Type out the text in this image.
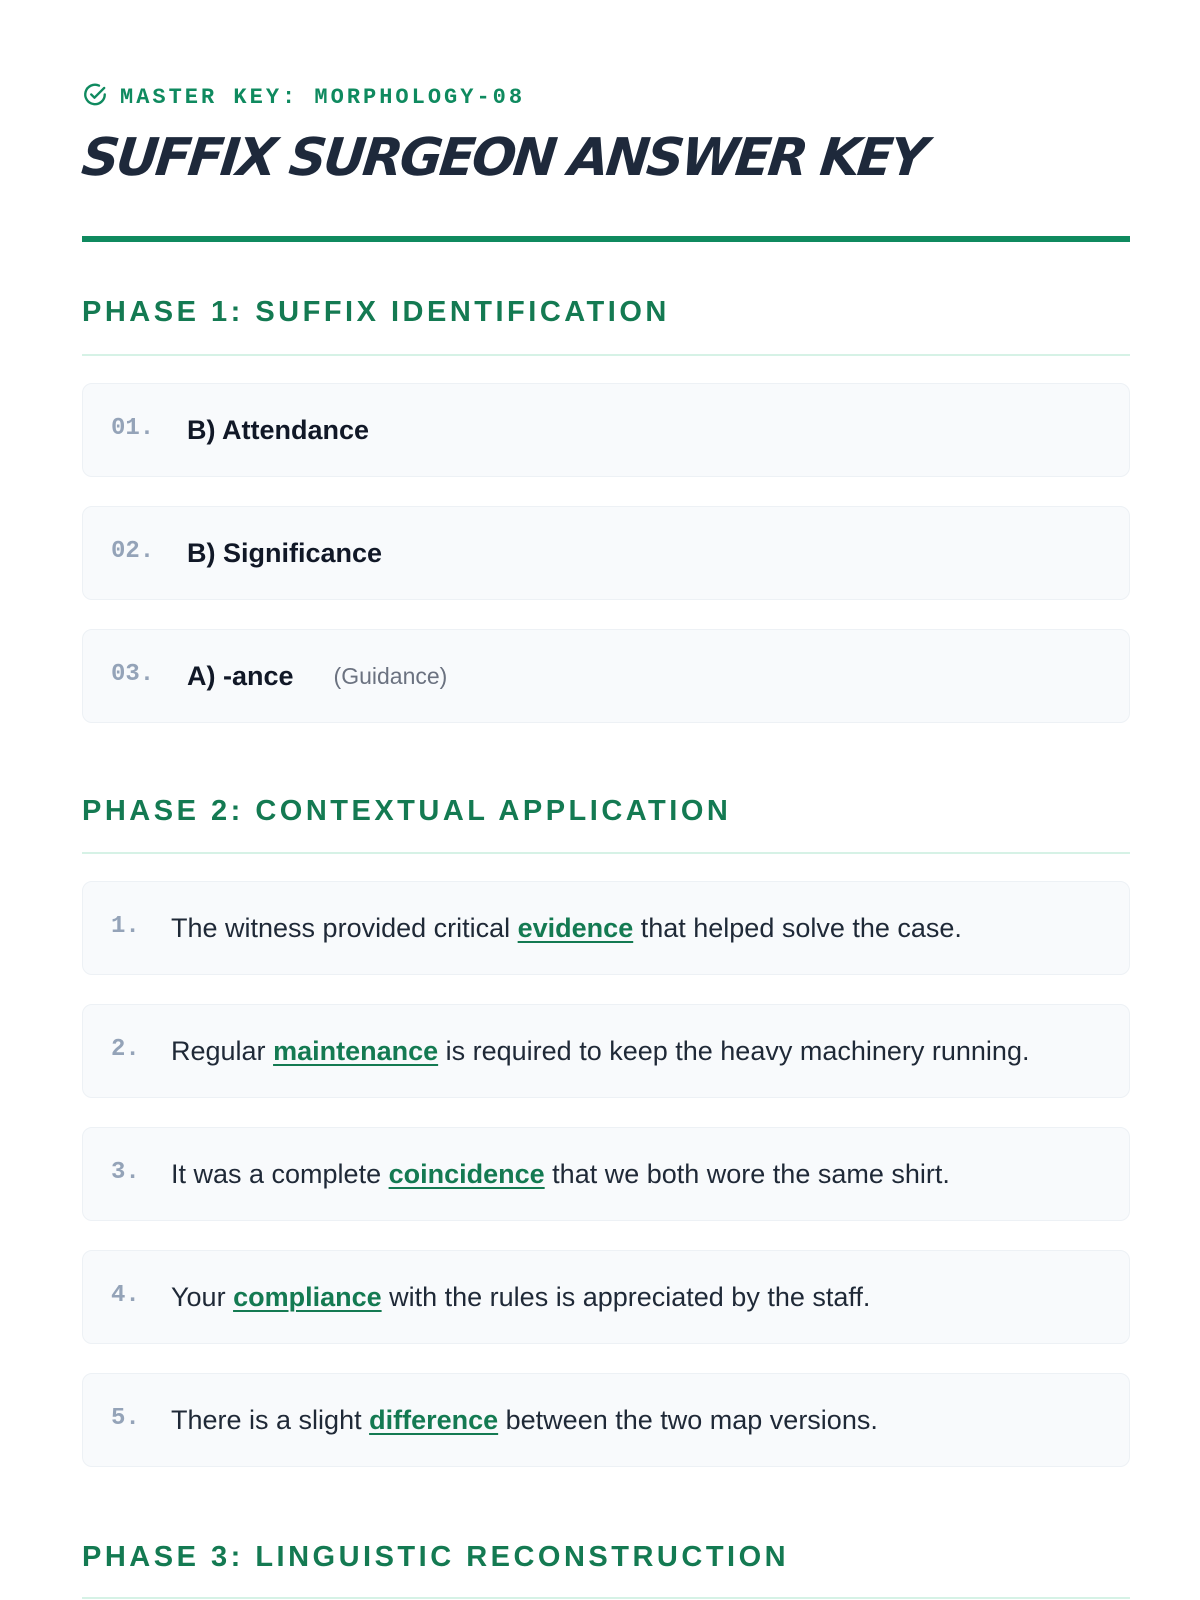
MASTER KEY: MORPHOLOGY-08
SUFFIX SURGEON ANSWER KEY
PHASE 1: SUFFIX IDENTIFICATION
01.	B) Attendance
02.	B) Significance
03.	A) -ance (Guidance)
PHASE 2: CONTEXTUAL APPLICATION
1.	The witness provided critical evidence that helped solve the case.
2.	Regular maintenance is required to keep the heavy machinery running.
3.	It was a complete coincidence that we both wore the same shirt.
4.	Your compliance with the rules is appreciated by the staff.
5.	There is a slight difference between the two map versions.
PHASE 3: LINGUISTIC RECONSTRUCTION
